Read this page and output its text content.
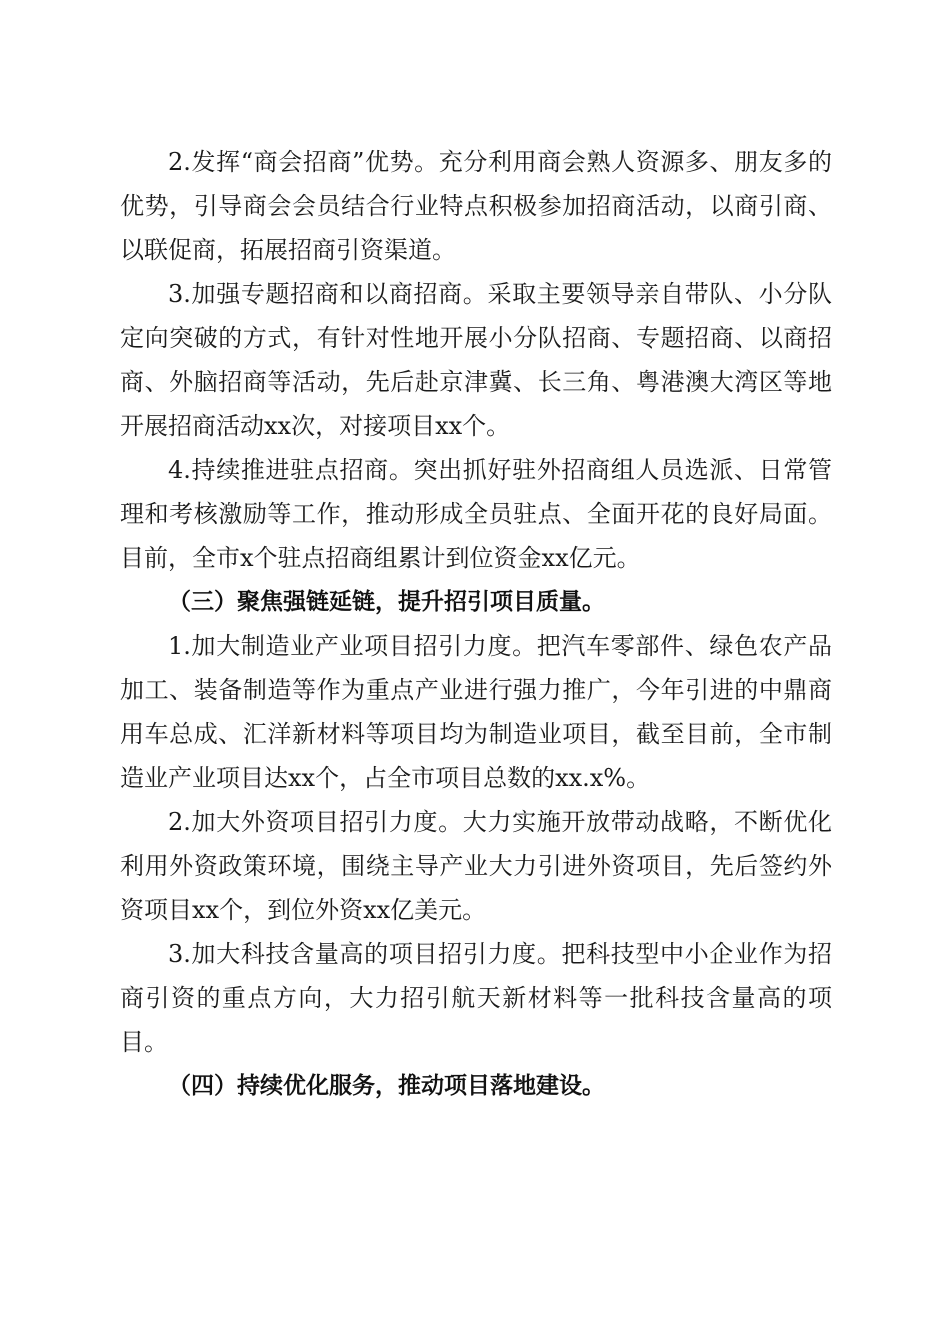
2.发挥“商会招商”优势。充分利用商会熟人资源多、朋友多的优势，引导商会会员结合行业特点积极参加招商活动，以商引商、以联促商，拓展招商引资渠道。

3.加强专题招商和以商招商。采取主要领导亲自带队、小分队定向突破的方式，有针对性地开展小分队招商、专题招商、以商招商、外脑招商等活动，先后赴京津冀、长三角、粤港澳大湾区等地开展招商活动xx次，对接项目xx个。

4.持续推进驻点招商。突出抓好驻外招商组人员选派、日常管理和考核激励等工作，推动形成全员驻点、全面开花的良好局面。目前，全市x个驻点招商组累计到位资金xx亿元。

（三）聚焦强链延链，提升招引项目质量。

1.加大制造业产业项目招引力度。把汽车零部件、绿色农产品加工、装备制造等作为重点产业进行强力推广，今年引进的中鼎商用车总成、汇洋新材料等项目均为制造业项目，截至目前，全市制造业产业项目达xx个，占全市项目总数的xx.x%。

2.加大外资项目招引力度。大力实施开放带动战略，不断优化利用外资政策环境，围绕主导产业大力引进外资项目，先后签约外资项目xx个，到位外资xx亿美元。

3.加大科技含量高的项目招引力度。把科技型中小企业作为招商引资的重点方向，大力招引航天新材料等一批科技含量高的项目。

（四）持续优化服务，推动项目落地建设。
